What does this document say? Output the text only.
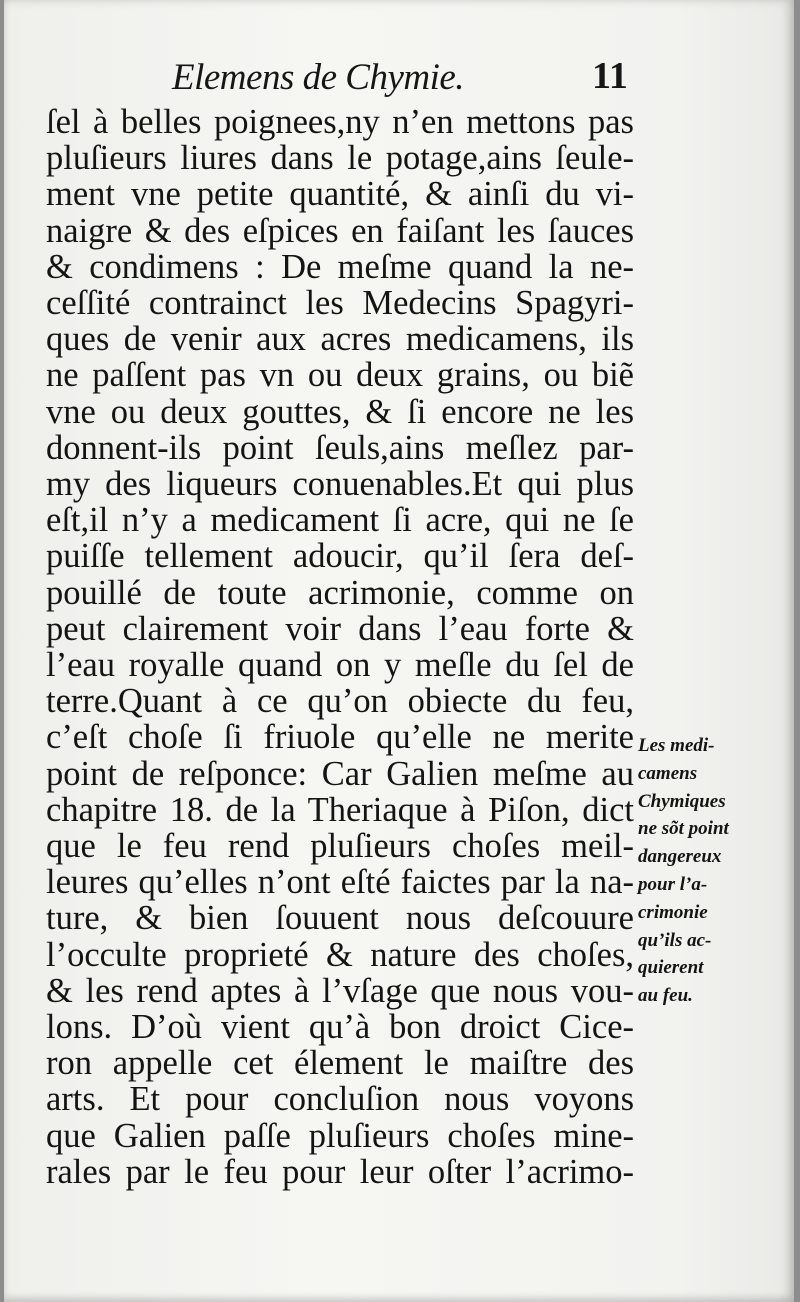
Elemens de Chymie.	11
ſel à belles poignees,ny n’en mettons pas
pluſieurs liures dans le potage,ains ſeule-
ment vne petite quantité, & ainſi du vi-
naigre & des eſpices en faiſant les ſauces
& condimens : De meſme quand la ne-
ceſſité contrainct les Medecins Spagyri-
ques de venir aux acres medicamens, ils
ne paſſent pas vn ou deux grains, ou biẽ
vne ou deux gouttes, & ſi encore ne les
donnent-ils point ſeuls,ains meſlez par-
my des liqueurs conuenables.Et qui plus
eſt,il n’y a medicament ſi acre, qui ne ſe
puiſſe tellement adoucir, qu’il ſera deſ-
pouillé de toute acrimonie, comme on
peut clairement voir dans l’eau forte &
l’eau royalle quand on y meſle du ſel de
terre.Quant à ce qu’on obiecte du feu,
c’eſt choſe ſi friuole qu’elle ne merite
point de reſponce: Car Galien meſme au
chapitre 18. de la Theriaque à Piſon, dict
que le feu rend pluſieurs choſes meil-
leures qu’elles n’ont eſté faictes par la na-
ture, & bien ſouuent nous deſcouure
l’occulte proprieté & nature des choſes,
& les rend aptes à l’vſage que nous vou-
lons. D’où vient qu’à bon droict Cice-
ron appelle cet élement le maiſtre des
arts. Et pour concluſion nous voyons
que Galien paſſe pluſieurs choſes mine-
rales par le feu pour leur oſter l’acrimo-
Les medi-
camens
Chymiques
ne sõt point
dangereux
pour l’a-
crimonie
qu’ils ac-
quierent
au feu.
